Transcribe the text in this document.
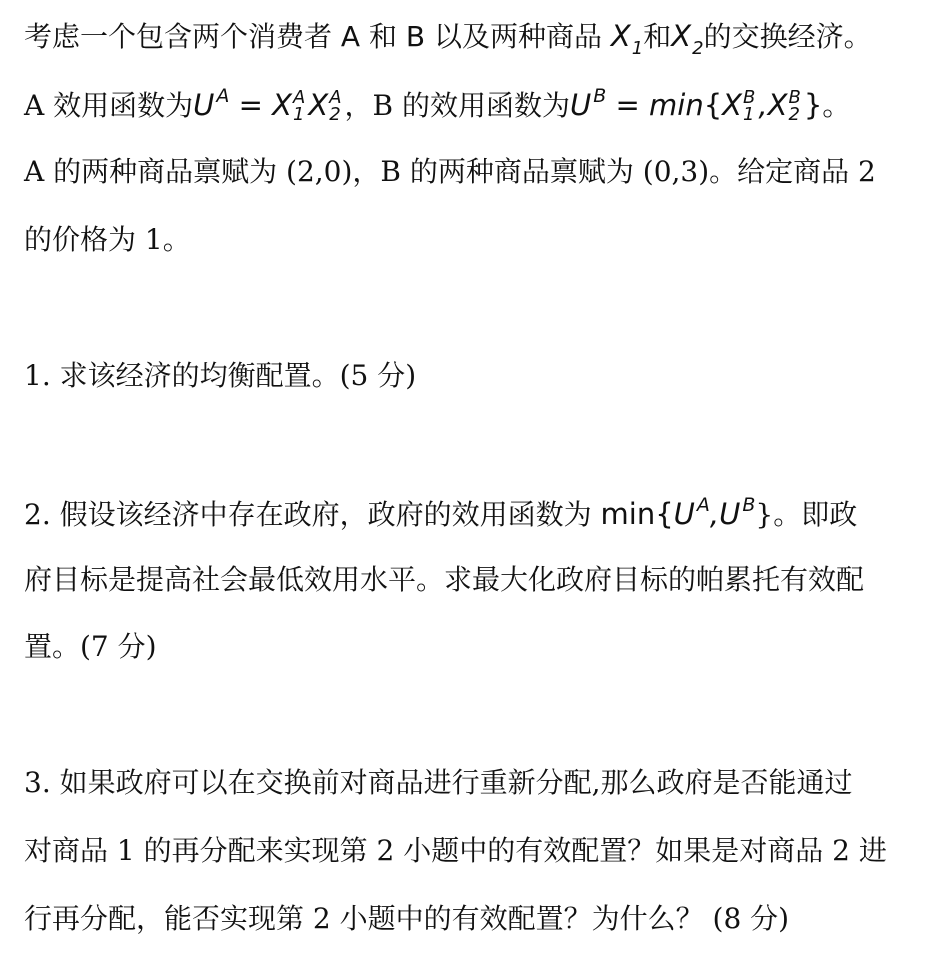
考虑一个包含两个消费者 A 和 B 以及两种商品 $X_1$和$X_2$的交换经济。
A 效用函数为U $^A$ = X A
1 X A
2 ，B 的效用函数为U $^B$ = min{X B
1 ,X B
2 }。
A 的两种商品禀赋为 (2,0)，B 的两种商品禀赋为 (0,3)。给定商品 2
的价格为 1。
1. 求该经济的均衡配置。(5 分)
2. 假设该经济中存在政府，政府的效用函数为 min{U $^A$,U $^B$}。即政
府目标是提高社会最低效用水平。求最大化政府目标的帕累托有效配
置。(7 分)
3. 如果政府可以在交换前对商品进行重新分配,那么政府是否能通过
对商品 1 的再分配来实现第 2 小题中的有效配置？如果是对商品 2 进
行再分配，能否实现第 2 小题中的有效配置？为什么？ (8 分)
